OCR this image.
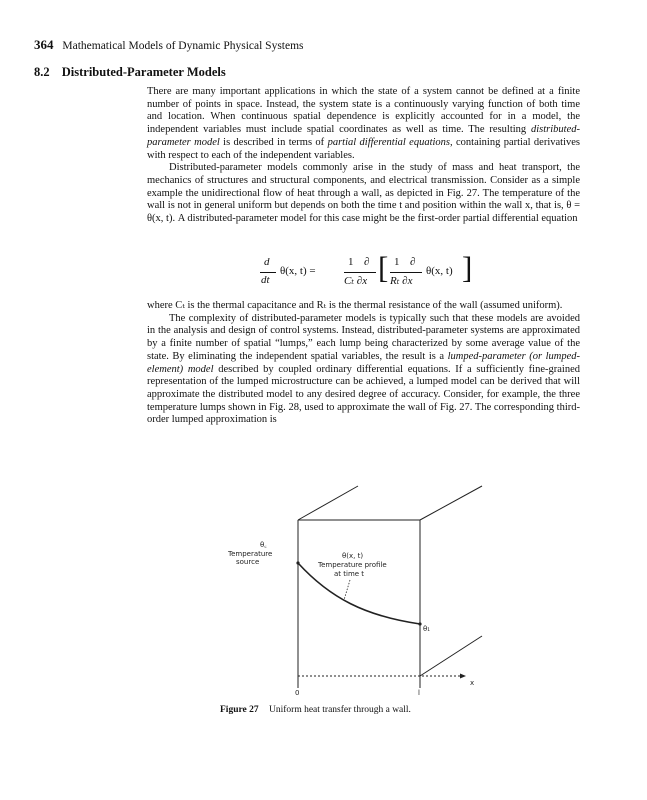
364 Mathematical Models of Dynamic Physical Systems
8.2 Distributed-Parameter Models

There are many important applications in which the state of a system cannot be defined at a finite number of points in space. Instead, the system state is a continuously varying function of both time and location. When continuous spatial dependence is explicitly accounted for in a model, the independent variables must include spatial coordinates as well as time. The resulting distributed-parameter model is described in terms of partial differential equations, containing partial derivatives with respect to each of the independent variables.

Distributed-parameter models commonly arise in the study of mass and heat transport, the mechanics of structures and structural components, and electrical transmission. Consider as a simple example the unidirectional flow of heat through a wall, as depicted in Fig. 27. The temperature of the wall is not in general uniform but depends on both the time t and position within the wall x, that is, θ = θ(x, t). A distributed-parameter model for this case might be the first-order partial differential equation

d
dt
θ(x, t) =
1 ∂
Cₜ ∂x [ 1 ∂
Rₜ ∂x
θ(x, t) ]

where Cₜ is the thermal capacitance and Rₜ is the thermal resistance of the wall (assumed uniform).

The complexity of distributed-parameter models is typically such that these models are avoided in the analysis and design of control systems. Instead, distributed-parameter systems are approximated by a finite number of spatial “lumps,” each lump being characterized by some average value of the state. By eliminating the independent spatial variables, the result is a lumped-parameter (or lumped-element) model described by coupled ordinary differential equations. If a sufficiently fine-grained representation of the lumped microstructure can be achieved, a lumped model can be derived that will approximate the distributed model to any desired degree of accuracy. Consider, for example, the three temperature lumps shown in Fig. 28, used to approximate the wall of Fig. 27. The corresponding third-order lumped approximation is

θ꜀
Temperature
source
θ(x, t)
Temperature profile
at time t
θ₁
0	l
x
Figure 27 Uniform heat transfer through a wall.
